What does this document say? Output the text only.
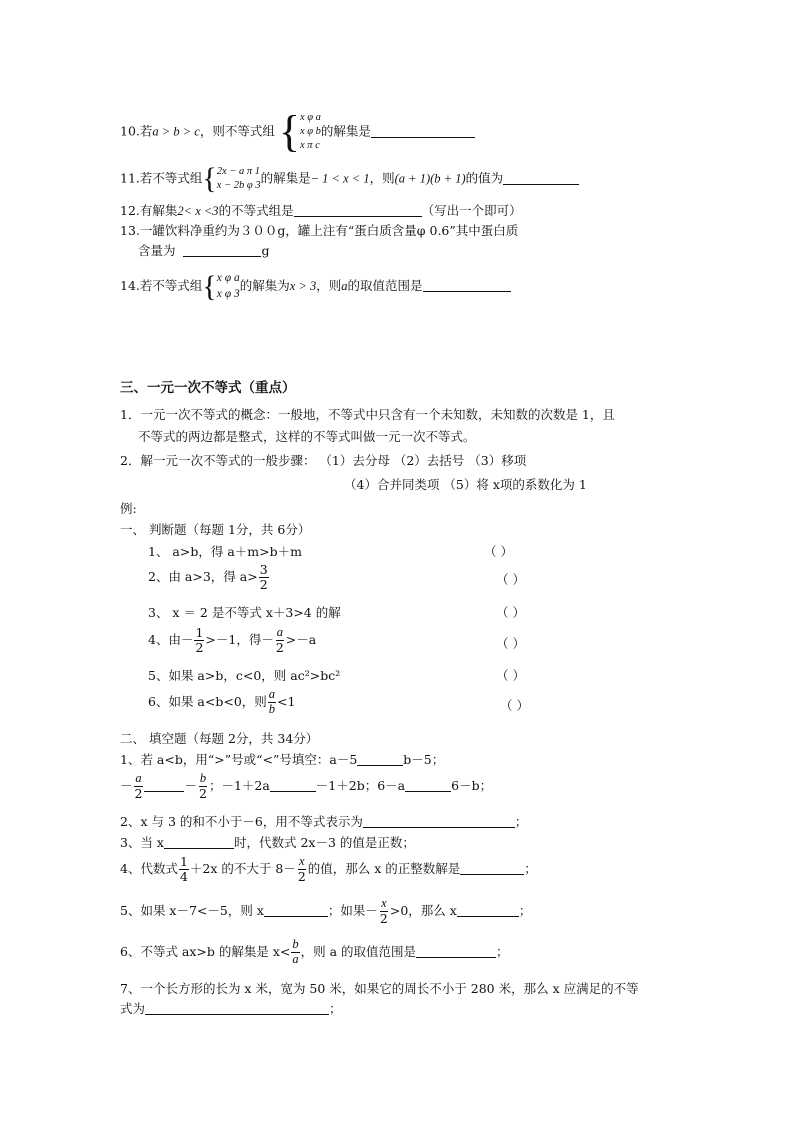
10.若a > b > c，则不等式组 { x φ a
x φ b
x π c
的解集是
11.若不等式组{ 2x − a π 1
x − 2b φ 3 的解集是− 1 < x < 1，则(a + 1)(b + 1)的值为
12.有解集2< x <3的不等式组是	（写出一个即可）
13.一罐饮料净重约为３００g，罐上注有“蛋白质含量φ 0.6”其中蛋白质
含量为	g
14.若不等式组{ x φ a
x φ 3
的解集为x > 3，则a的取值范围是
三、一元一次不等式（重点）
1．一元一次不等式的概念：一般地，不等式中只含有一个未知数，未知数的次数是 1，且
不等式的两边都是整式，这样的不等式叫做一元一次不等式。
2．解一元一次不等式的一般步骤： （1）去分母 （2）去括号 （3）移项
（4）合并同类项 （5）将 x项的系数化为 1
例:
一、 判断题（每题 1分，共 6分）
1、 a>b，得 a＋m>b＋m	（ ）
2、由 a>3，得 $a> \frac{3}{2}$	（ ）
3、 x ＝ 2 是不等式 x＋3>4 的解	（ ）
4、由－ $\frac{1}{2} >-1$，得－ $\frac{a}{2} >-a$	（ ）
5、如果 a>b，c<0，则 ac²>bc²	（ ）
6、如果 a<b<0，则 $\frac{a}{b} <1$	（ ）
二、 填空题（每题 2分，共 34分）
1、若 a<b，用“>”号或“<”号填空：a－5	b－5；
－ $\frac{a}{2}$	－ $\frac{b}{2}$ ；－1＋2a	－1＋2b；6－a	6－b；
2、x 与 3 的和不小于－6，用不等式表示为	；
3、当 x	时，代数式 2x－3 的值是正数；
4、代数式 $\frac{1}{4} +2x$ 的不大于 $8- \frac{x}{2}$ 的值，那么 x 的正整数解是	；
5、如果 x－7<－5，则 x	；如果－ $\frac{x}{2} >0$，那么 x	；
6、不等式 ax>b 的解集是 $x< \frac{b}{a}$ ，则 a 的取值范围是	；
7、一个长方形的长为 x 米，宽为 50 米，如果它的周长不小于 280 米，那么 x 应满足的不等
式为	；
